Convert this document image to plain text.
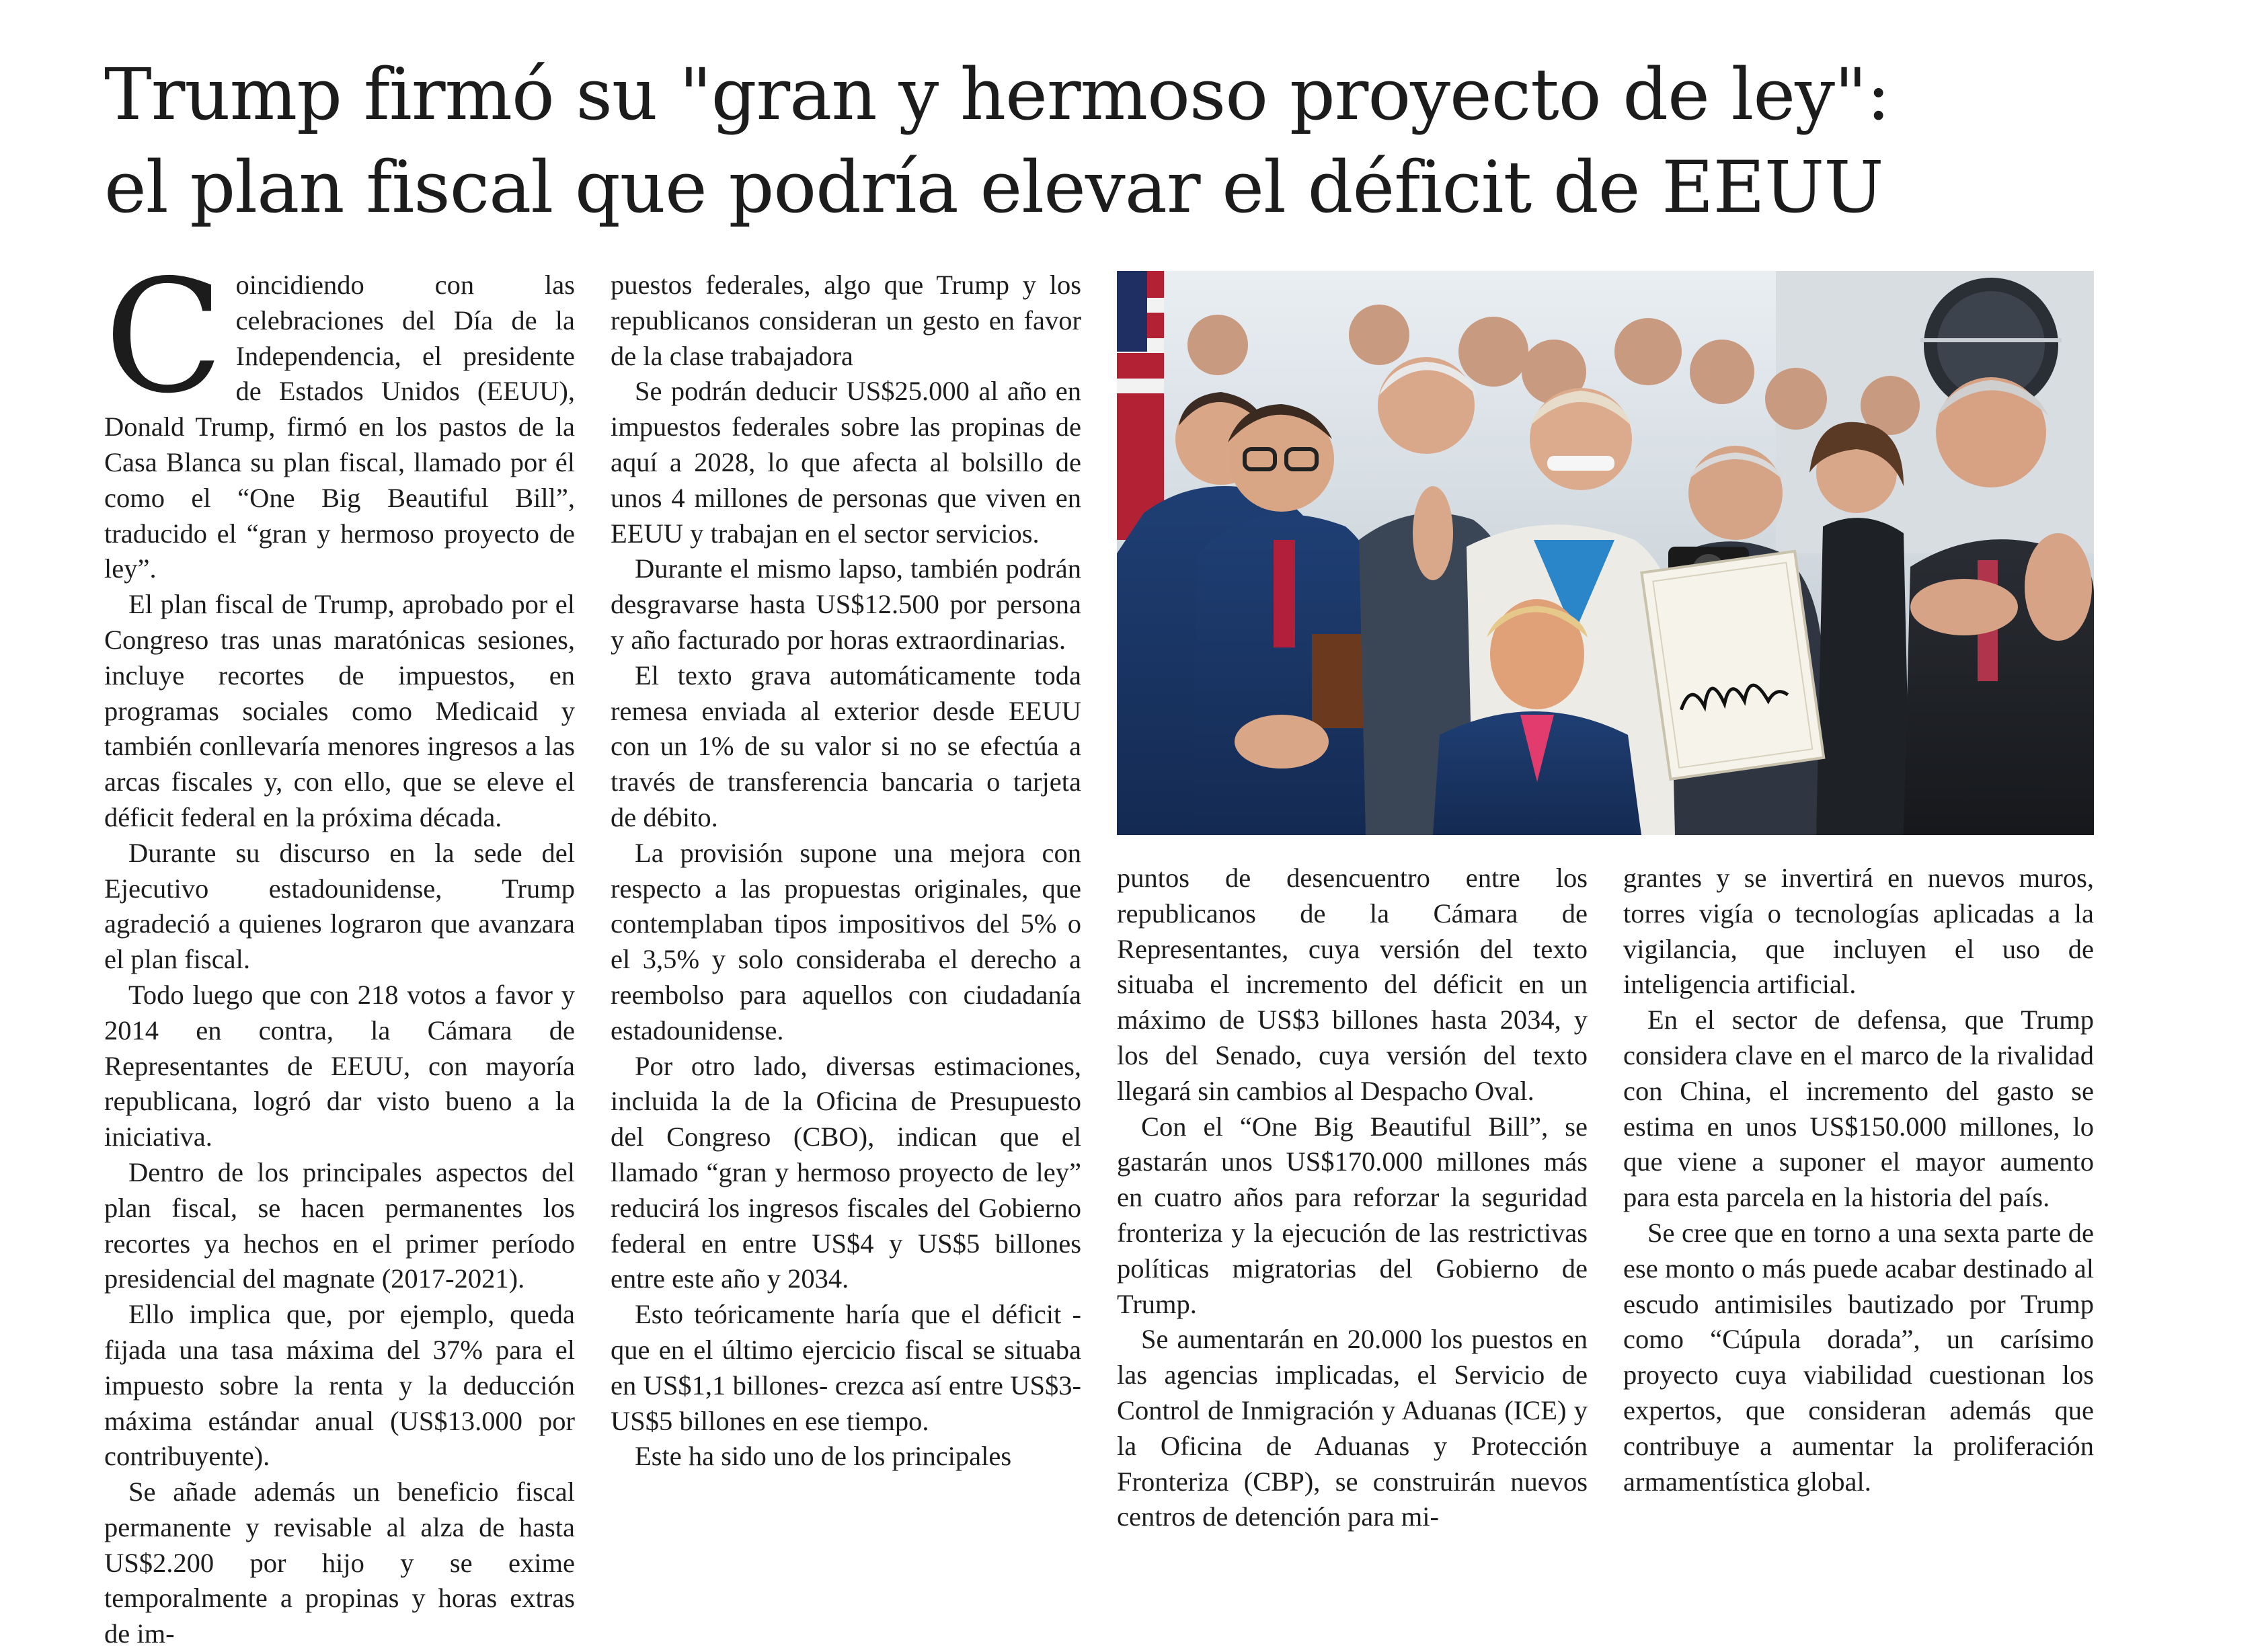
Trump firmó su "gran y hermoso proyecto de ley":
el plan fiscal que podría elevar el déficit de EEUU

Coincidiendo con las celebraciones del Día de la Independencia, el presidente de Estados Unidos (EEUU), Donald Trump, firmó en los pastos de la Casa Blanca su plan fiscal, llamado por él como el “One Big Beautiful Bill”, traducido el “gran y hermoso proyecto de ley”.

El plan fiscal de Trump, aprobado por el Congreso tras unas maratónicas sesiones, incluye recortes de impuestos, en programas sociales como Medicaid y también conllevaría menores ingresos a las arcas fiscales y, con ello, que se eleve el déficit federal en la próxima década.

Durante su discurso en la sede del Ejecutivo estadounidense, Trump agradeció a quienes lograron que avanzara el plan fiscal.

Todo luego que con 218 votos a favor y 2014 en contra, la Cámara de Representantes de EEUU, con mayoría republicana, logró dar visto bueno a la iniciativa.

Dentro de los principales aspectos del plan fiscal, se hacen permanentes los recortes ya hechos en el primer período presidencial del magnate (2017-2021).

Ello implica que, por ejemplo, queda fijada una tasa máxima del 37% para el impuesto sobre la renta y la deducción máxima estándar anual (US$13.000 por contribuyente).

Se añade además un beneficio fiscal permanente y revisable al alza de hasta US$2.200 por hijo y se exime temporalmente a propinas y horas extras de im-

puestos federales, algo que Trump y los republicanos consideran un gesto en favor de la clase trabajadora

Se podrán deducir US$25.000 al año en impuestos federales sobre las propinas de aquí a 2028, lo que afecta al bolsillo de unos 4 millones de personas que viven en EEUU y trabajan en el sector servicios.

Durante el mismo lapso, también podrán desgravarse hasta US$12.500 por persona y año facturado por horas extraordinarias.

El texto grava automáticamente toda remesa enviada al exterior desde EEUU con un 1% de su valor si no se efectúa a través de transferencia bancaria o tarjeta de débito.

La provisión supone una mejora con respecto a las propuestas originales, que contemplaban tipos impositivos del 5% o el 3,5% y solo consideraba el derecho a reembolso para aquellos con ciudadanía estadounidense.

Por otro lado, diversas estimaciones, incluida la de la Oficina de Presupuesto del Congreso (CBO), indican que el llamado “gran y hermoso proyecto de ley” reducirá los ingresos fiscales del Gobierno federal en entre US$4 y US$5 billones entre este año y 2034.

Esto teóricamente haría que el déficit -que en el último ejercicio fiscal se situaba en US$1,1 billones- crezca así entre US$3-US$5 billones en ese tiempo.

Este ha sido uno de los principales

puntos de desencuentro entre los republicanos de la Cámara de Representantes, cuya versión del texto situaba el incremento del déficit en un máximo de US$3 billones hasta 2034, y los del Senado, cuya versión del texto llegará sin cambios al Despacho Oval.

Con el “One Big Beautiful Bill”, se gastarán unos US$170.000 millones más en cuatro años para reforzar la seguridad fronteriza y la ejecución de las restrictivas políticas migratorias del Gobierno de Trump.

Se aumentarán en 20.000 los puestos en las agencias implicadas, el Servicio de Control de Inmigración y Aduanas (ICE) y la Oficina de Aduanas y Protección Fronteriza (CBP), se construirán nuevos centros de detención para mi-

grantes y se invertirá en nuevos muros, torres vigía o tecnologías aplicadas a la vigilancia, que incluyen el uso de inteligencia artificial.

En el sector de defensa, que Trump considera clave en el marco de la rivalidad con China, el incremento del gasto se estima en unos US$150.000 millones, lo que viene a suponer el mayor aumento para esta parcela en la historia del país.

Se cree que en torno a una sexta parte de ese monto o más puede acabar destinado al escudo antimisiles bautizado por Trump como “Cúpula dorada”, un carísimo proyecto cuya viabilidad cuestionan los expertos, que consideran además que contribuye a aumentar la proliferación armamentística global.
